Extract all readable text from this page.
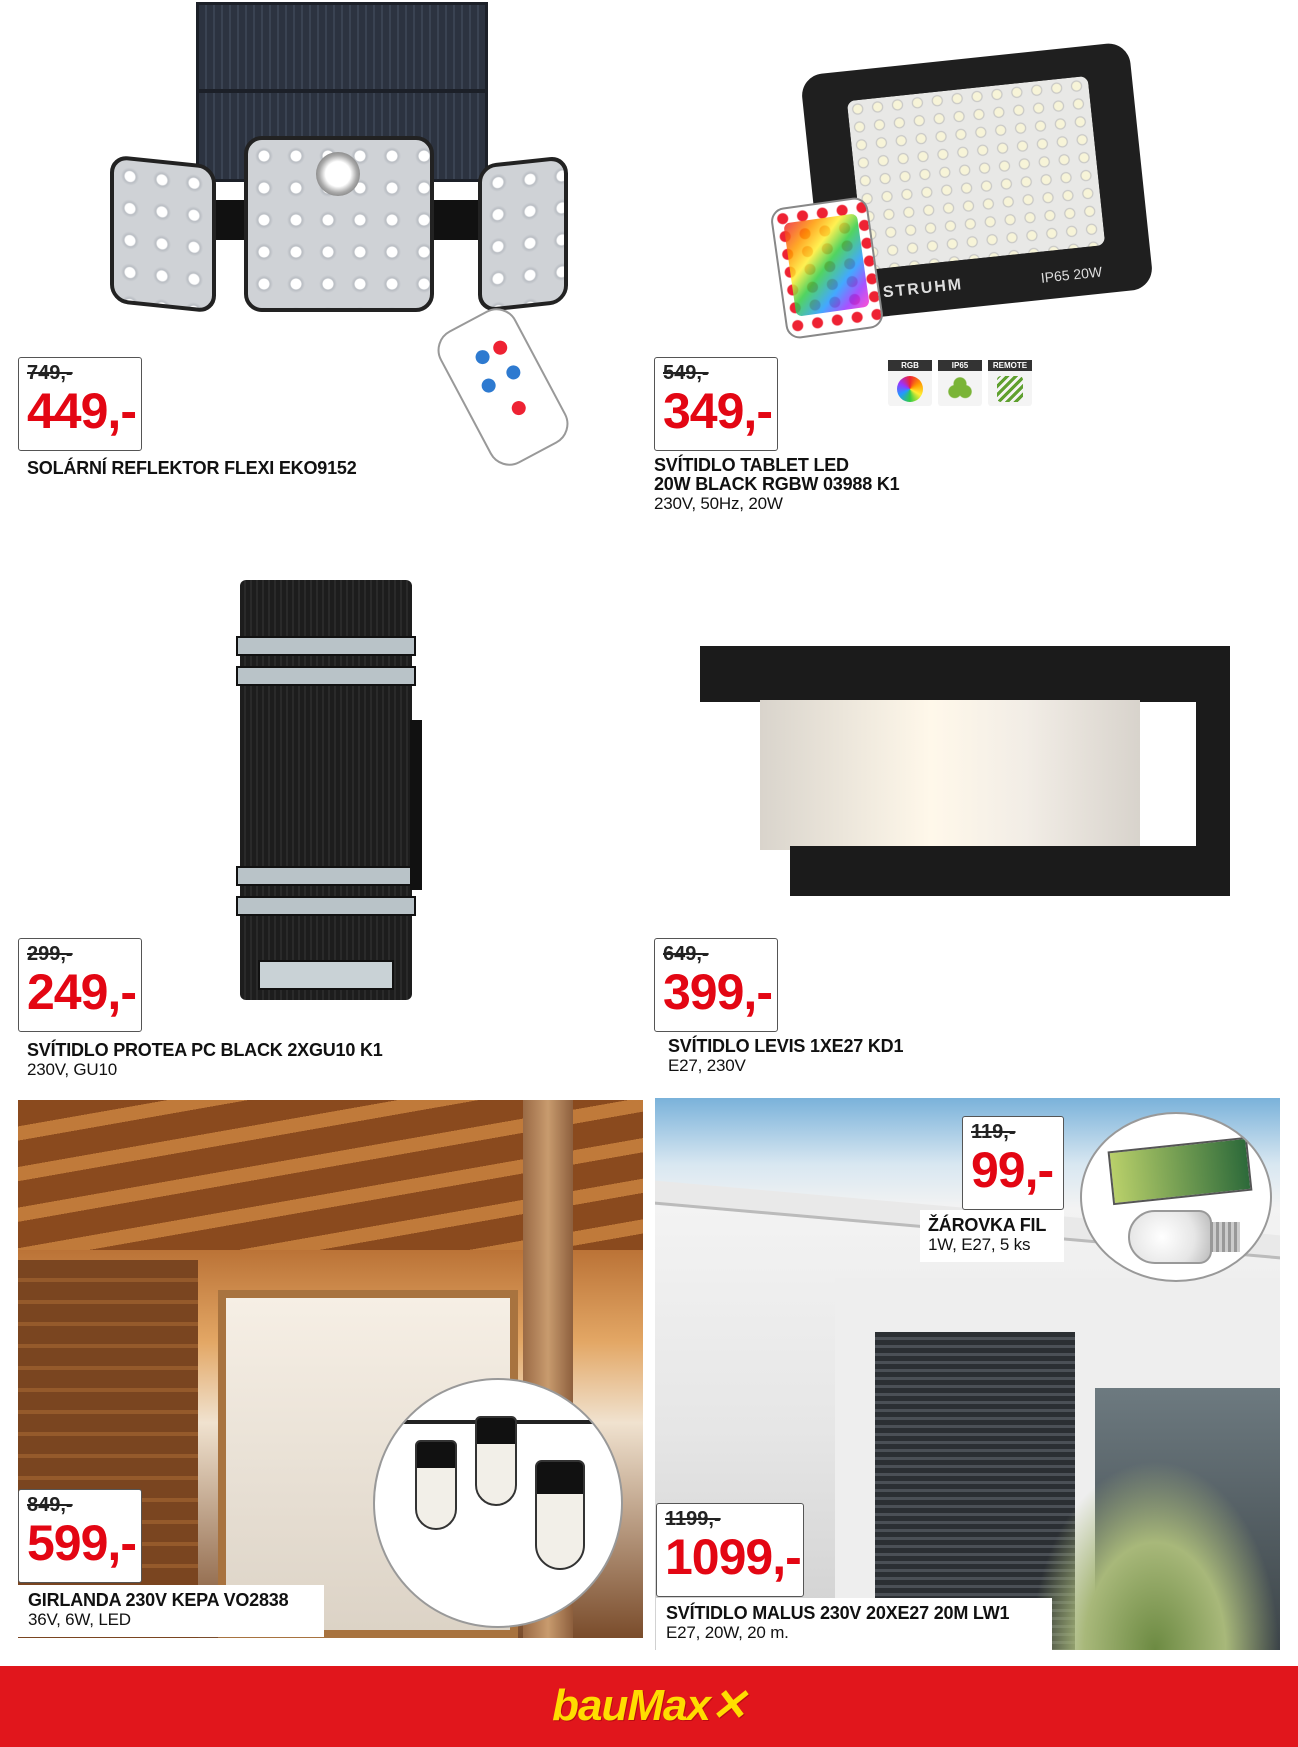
749,-
449,-
SOLÁRNÍ REFLEKTOR FLEXI EKO9152
STRUHM
IP65 20W
549,-
349,-
RGB	IP65	REMOTE
SVÍTIDLO TABLET LED
20W BLACK RGBW 03988 K1
230V, 50Hz, 20W
299,-
249,-
SVÍTIDLO PROTEA PC BLACK 2XGU10 K1
230V, GU10
649,-
399,-
SVÍTIDLO LEVIS 1XE27 KD1
E27, 230V
849,-
599,-
GIRLANDA 230V KEPA VO2838
36V, 6W, LED
119,-
99,-
ŽÁROVKA FIL
1W, E27, 5 ks
1199,-
1099,-
SVÍTIDLO MALUS 230V 20XE27 20M LW1
E27, 20W, 20 m.
bauMax✕
